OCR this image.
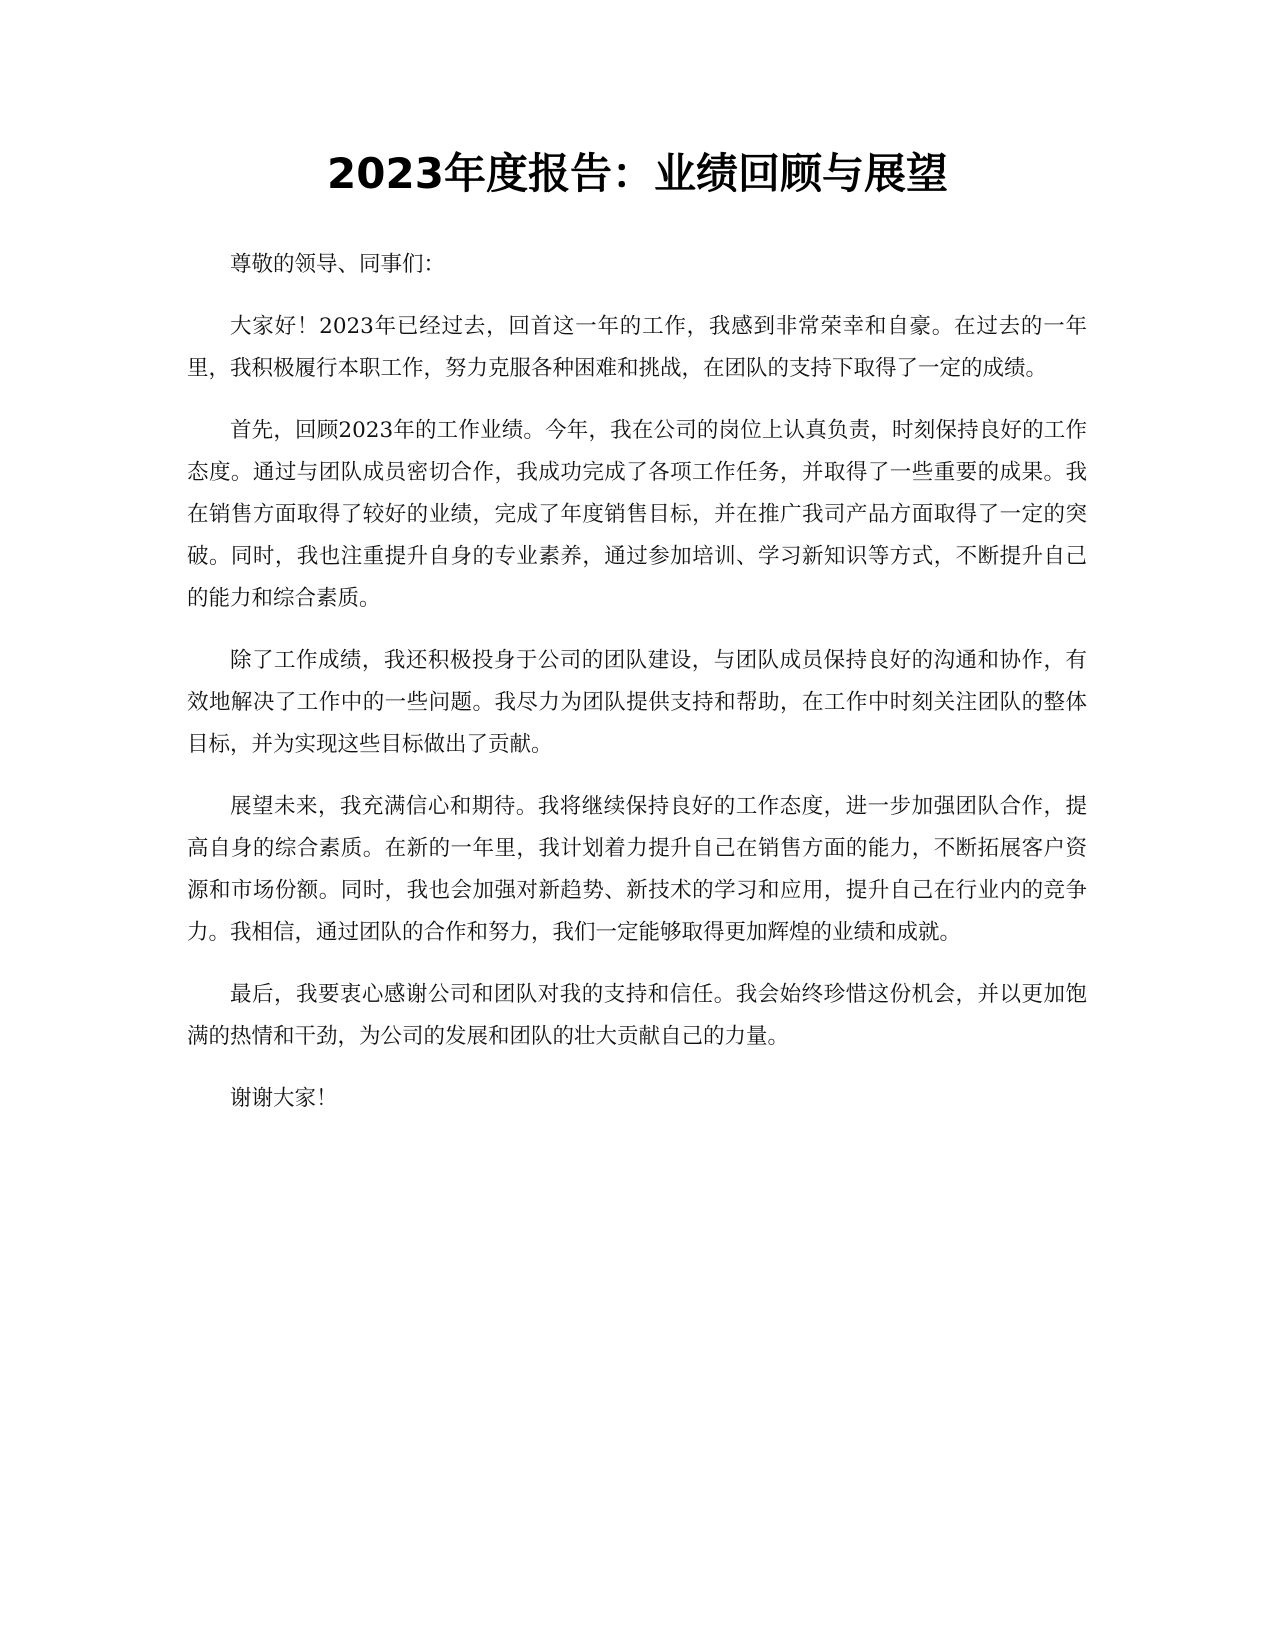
2023年度报告：业绩回顾与展望

尊敬的领导、同事们：

大家好！2023年已经过去，回首这一年的工作，我感到非常荣幸和自豪。在过去的一年里，我积极履行本职工作，努力克服各种困难和挑战，在团队的支持下取得了一定的成绩。

首先，回顾2023年的工作业绩。今年，我在公司的岗位上认真负责，时刻保持良好的工作态度。通过与团队成员密切合作，我成功完成了各项工作任务，并取得了一些重要的成果。我在销售方面取得了较好的业绩，完成了年度销售目标，并在推广我司产品方面取得了一定的突破。同时，我也注重提升自身的专业素养，通过参加培训、学习新知识等方式，不断提升自己的能力和综合素质。

除了工作成绩，我还积极投身于公司的团队建设，与团队成员保持良好的沟通和协作，有效地解决了工作中的一些问题。我尽力为团队提供支持和帮助，在工作中时刻关注团队的整体目标，并为实现这些目标做出了贡献。

展望未来，我充满信心和期待。我将继续保持良好的工作态度，进一步加强团队合作，提高自身的综合素质。在新的一年里，我计划着力提升自己在销售方面的能力，不断拓展客户资源和市场份额。同时，我也会加强对新趋势、新技术的学习和应用，提升自己在行业内的竞争力。我相信，通过团队的合作和努力，我们一定能够取得更加辉煌的业绩和成就。

最后，我要衷心感谢公司和团队对我的支持和信任。我会始终珍惜这份机会，并以更加饱满的热情和干劲，为公司的发展和团队的壮大贡献自己的力量。

谢谢大家！
